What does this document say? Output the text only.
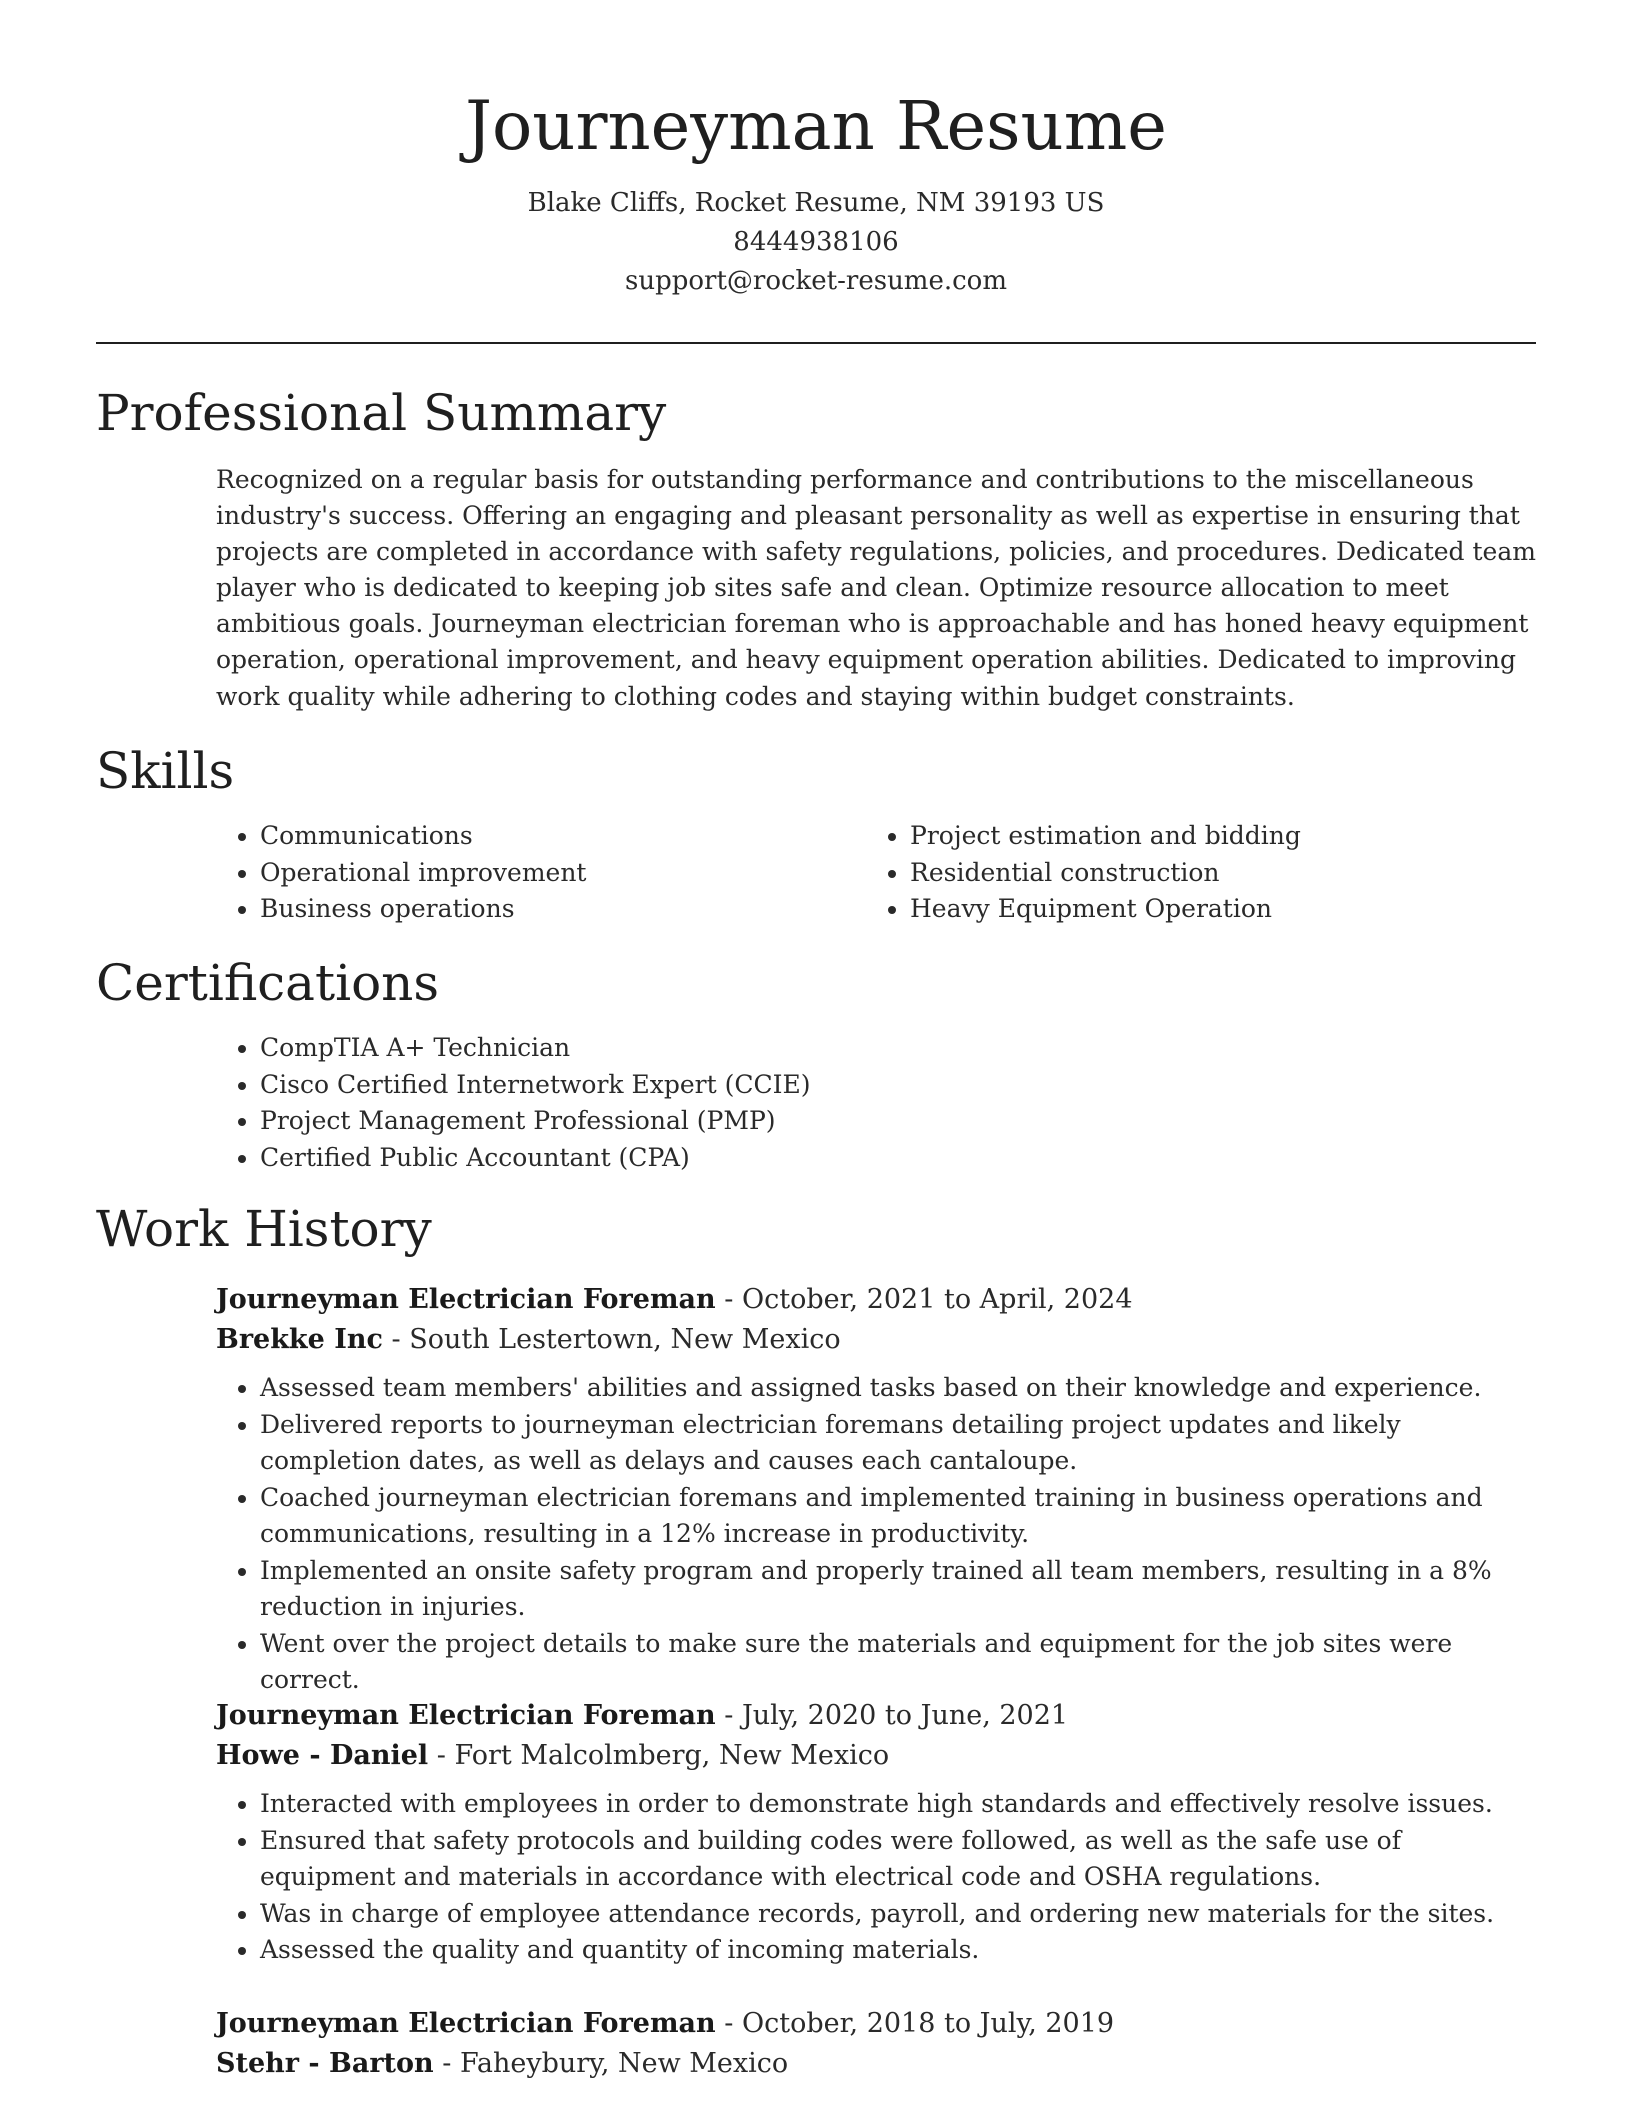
Journeyman Resume
Blake Cliffs, Rocket Resume, NM 39193 US
8444938106
support@rocket-resume.com
Professional Summary

Recognized on a regular basis for outstanding performance and contributions to the miscellaneous industry's success. Offering an engaging and pleasant personality as well as expertise in ensuring that projects are completed in accordance with safety regulations, policies, and procedures. Dedicated team player who is dedicated to keeping job sites safe and clean. Optimize resource allocation to meet ambitious goals. Journeyman electrician foreman who is approachable and has honed heavy equipment operation, operational improvement, and heavy equipment operation abilities. Dedicated to improving work quality while adhering to clothing codes and staying within budget constraints.

Skills
• Communications
• Operational improvement
• Business operations
• Project estimation and bidding
• Residential construction
• Heavy Equipment Operation
Certifications
• CompTIA A+ Technician
• Cisco Certified Internetwork Expert (CCIE)
• Project Management Professional (PMP)
• Certified Public Accountant (CPA)
Work History
Journeyman Electrician Foreman - October, 2021 to April, 2024
Brekke Inc - South Lestertown, New Mexico
• Assessed team members' abilities and assigned tasks based on their knowledge and experience.
• Delivered reports to journeyman electrician foremans detailing project updates and likely completion dates, as well as delays and causes each cantaloupe.
• Coached journeyman electrician foremans and implemented training in business operations and communications, resulting in a 12% increase in productivity.
• Implemented an onsite safety program and properly trained all team members, resulting in a 8% reduction in injuries.
• Went over the project details to make sure the materials and equipment for the job sites were correct.
Journeyman Electrician Foreman - July, 2020 to June, 2021
Howe - Daniel - Fort Malcolmberg, New Mexico
• Interacted with employees in order to demonstrate high standards and effectively resolve issues.
• Ensured that safety protocols and building codes were followed, as well as the safe use of equipment and materials in accordance with electrical code and OSHA regulations.
• Was in charge of employee attendance records, payroll, and ordering new materials for the sites.
• Assessed the quality and quantity of incoming materials.
Journeyman Electrician Foreman - October, 2018 to July, 2019
Stehr - Barton - Faheybury, New Mexico
